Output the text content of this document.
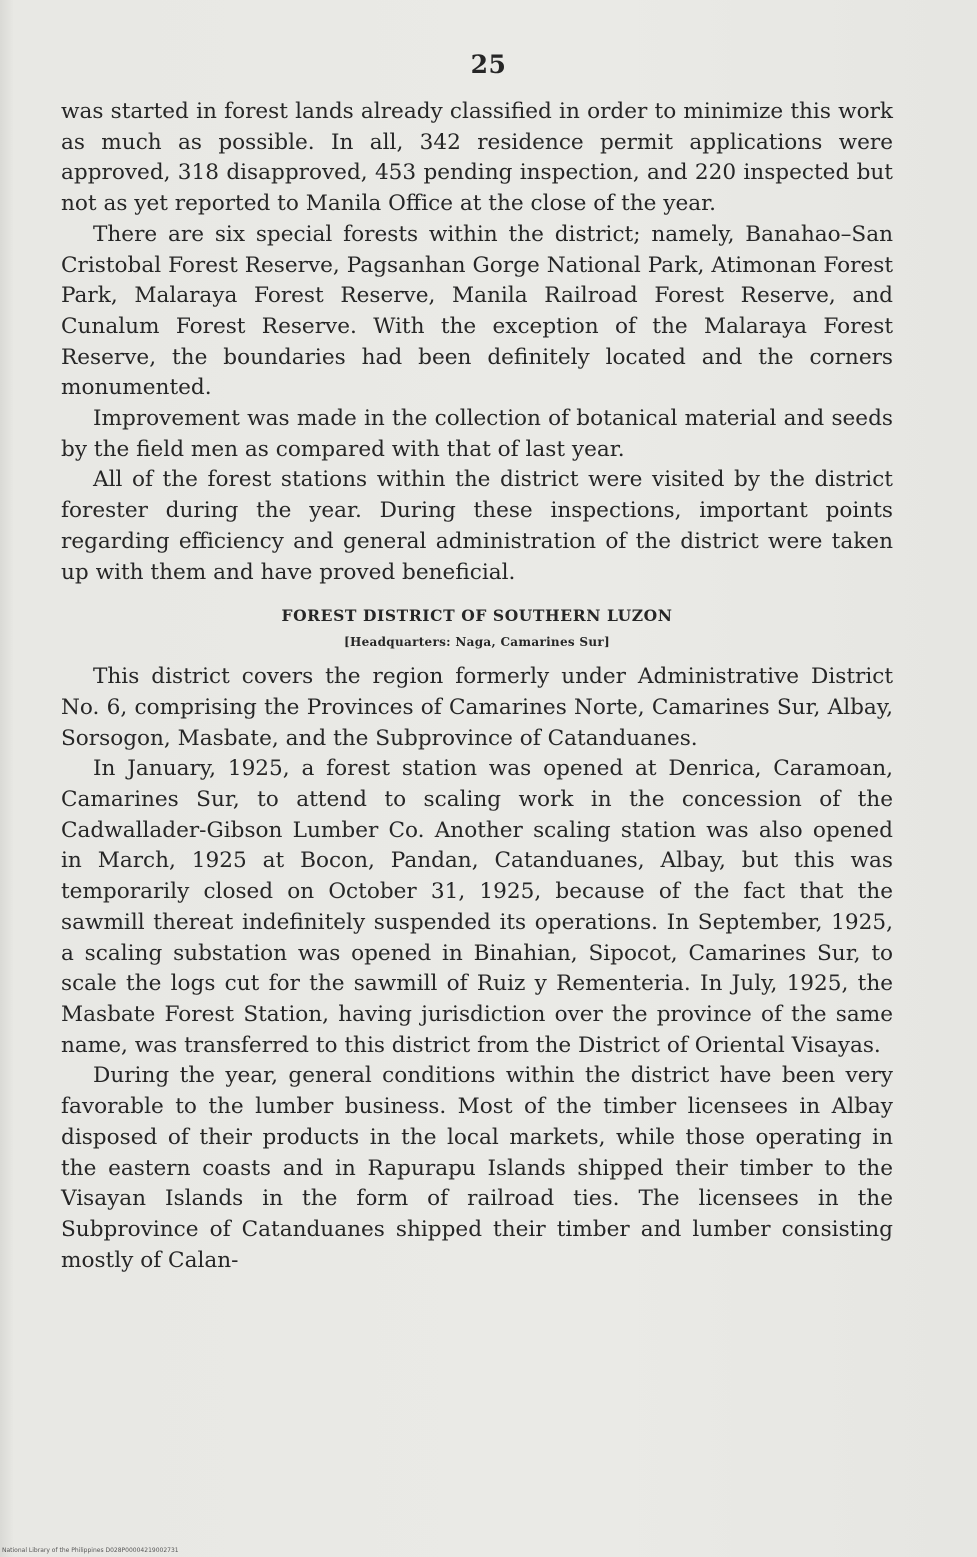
25

was started in forest lands already classified in order to minimize this work as much as possible. In all, 342 residence permit applications were approved, 318 disapproved, 453 pending inspection, and 220 inspected but not as yet reported to Manila Office at the close of the year.

There are six special forests within the district; namely, Banahao–San Cristobal Forest Reserve, Pagsanhan Gorge National Park, Atimonan Forest Park, Malaraya Forest Reserve, Manila Railroad Forest Reserve, and Cunalum Forest Reserve. With the exception of the Malaraya Forest Reserve, the boundaries had been definitely located and the corners monumented.

Improvement was made in the collection of botanical material and seeds by the field men as compared with that of last year.

All of the forest stations within the district were visited by the district forester during the year. During these inspections, important points regarding efficiency and general administration of the district were taken up with them and have proved beneficial.

FOREST DISTRICT OF SOUTHERN LUZON
[Headquarters: Naga, Camarines Sur]

This district covers the region formerly under Administrative District No. 6, comprising the Provinces of Camarines Norte, Camarines Sur, Albay, Sorsogon, Masbate, and the Subprovince of Catanduanes.

In January, 1925, a forest station was opened at Denrica, Caramoan, Camarines Sur, to attend to scaling work in the concession of the Cadwallader-Gibson Lumber Co. Another scaling station was also opened in March, 1925 at Bocon, Pandan, Catanduanes, Albay, but this was temporarily closed on October 31, 1925, because of the fact that the sawmill thereat indefinitely suspended its operations. In September, 1925, a scaling substation was opened in Binahian, Sipocot, Camarines Sur, to scale the logs cut for the sawmill of Ruiz y Rementeria. In July, 1925, the Masbate Forest Station, having jurisdiction over the province of the same name, was transferred to this district from the District of Oriental Visayas.

During the year, general conditions within the district have been very favorable to the lumber business. Most of the timber licensees in Albay disposed of their products in the local markets, while those operating in the eastern coasts and in Rapurapu Islands shipped their timber to the Visayan Islands in the form of railroad ties. The licensees in the Subprovince of Catanduanes shipped their timber and lumber consisting mostly of Calan-

National Library of the Philippines D028P00004219002731
